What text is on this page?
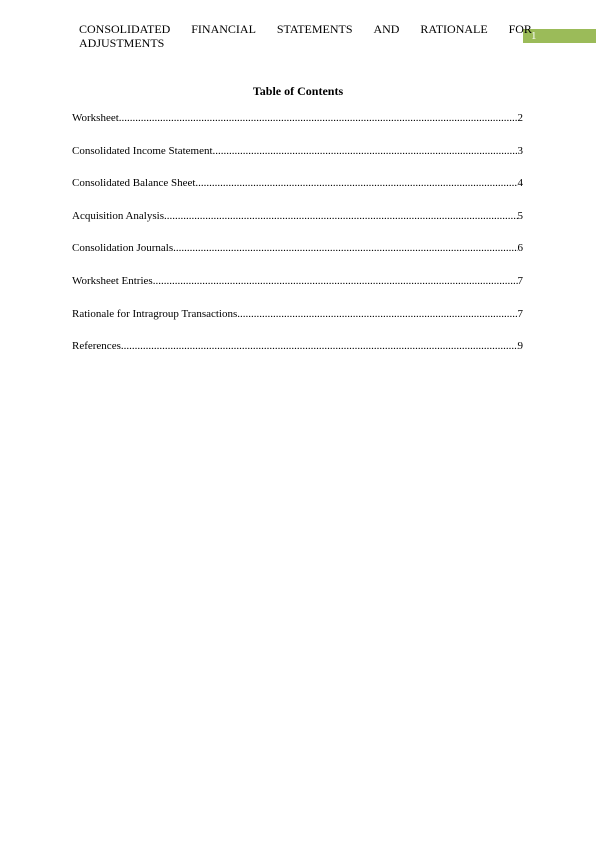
1
CONSOLIDATED FINANCIAL STATEMENTS AND RATIONALE FOR
ADJUSTMENTS
Table of Contents
Worksheet .....	2
Consolidated Income Statement .....	3
Consolidated Balance Sheet .....	4
Acquisition Analysis .....	5
Consolidation Journals .....	6
Worksheet Entries .....	7
Rationale for Intragroup Transactions .....	7
References .....	9
